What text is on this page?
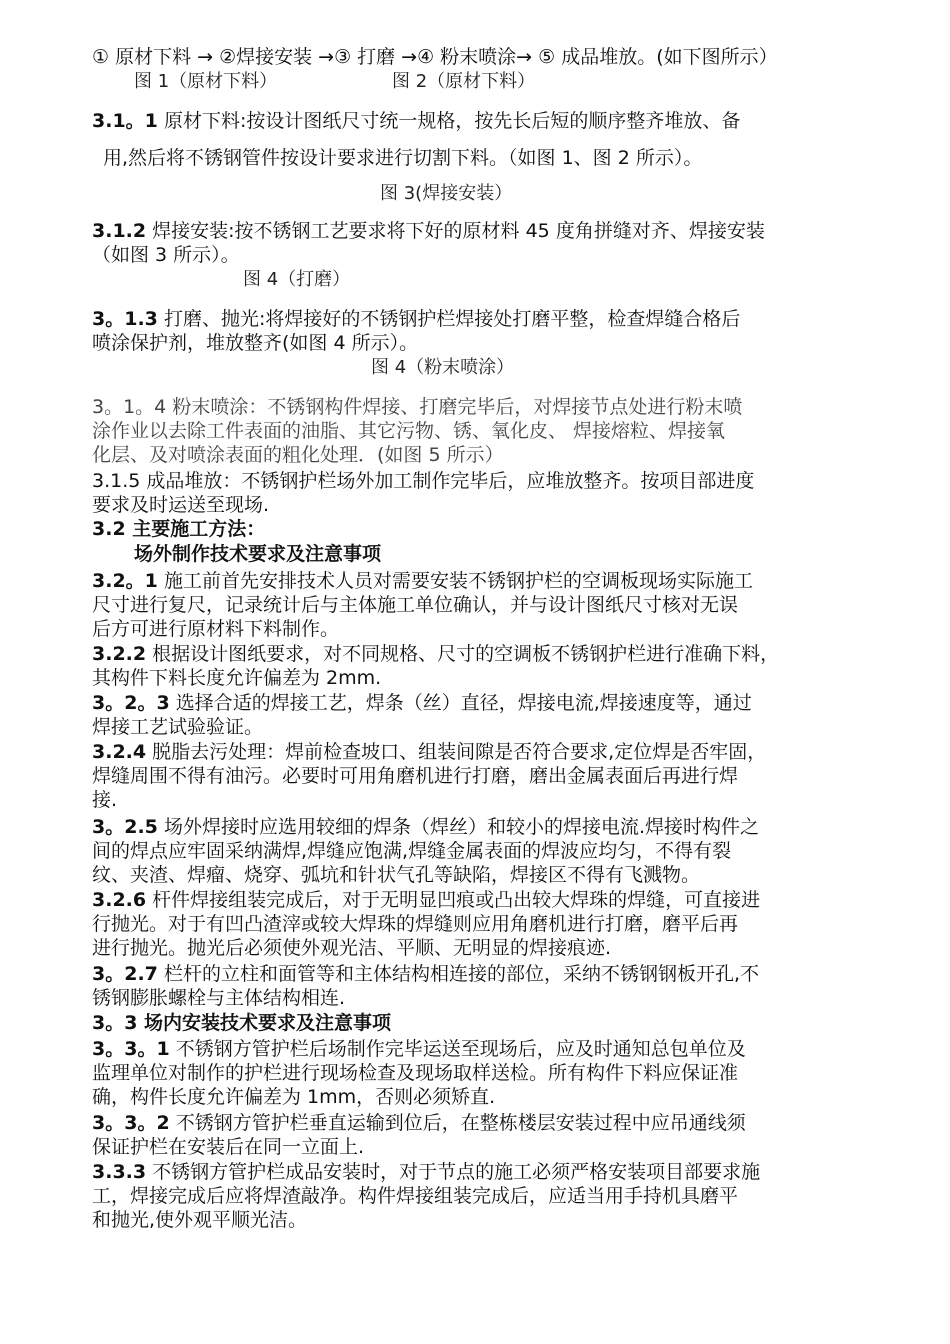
① 原材下料 → ②焊接安装 →③ 打磨 →④ 粉末喷涂→ ⑤ 成品堆放。(如下图所示）
图 1（原材下料）	图 2（原材下料）
3.1。1 原材下料:按设计图纸尺寸统一规格，按先长后短的顺序整齐堆放、备
用,然后将不锈钢管件按设计要求进行切割下料。（如图 1、图 2 所示）。
图 3(焊接安装）
3.1.2 焊接安装:按不锈钢工艺要求将下好的原材料 45 度角拼缝对齐、焊接安装
（如图 3 所示）。
图 4（打磨）
3。1.3 打磨、抛光:将焊接好的不锈钢护栏焊接处打磨平整，检查焊缝合格后
喷涂保护剂，堆放整齐(如图 4 所示）。
图 4（粉末喷涂）
3。1。4 粉末喷涂：不锈钢构件焊接、打磨完毕后，对焊接节点处进行粉末喷
涂作业以去除工件表面的油脂、其它污物、锈、氧化皮、 焊接熔粒、焊接氧
化层、及对喷涂表面的粗化处理．(如图 5 所示）
3.1.5 成品堆放：不锈钢护栏场外加工制作完毕后，应堆放整齐。按项目部进度
要求及时运送至现场.
3.2 主要施工方法：
场外制作技术要求及注意事项
3.2。1 施工前首先安排技术人员对需要安装不锈钢护栏的空调板现场实际施工
尺寸进行复尺，记录统计后与主体施工单位确认，并与设计图纸尺寸核对无误
后方可进行原材料下料制作。
3.2.2 根据设计图纸要求，对不同规格、尺寸的空调板不锈钢护栏进行准确下料，
其构件下料长度允许偏差为 2mm.
3。2。3 选择合适的焊接工艺，焊条（丝）直径，焊接电流,焊接速度等，通过
焊接工艺试验验证。
3.2.4 脱脂去污处理：焊前检查坡口、组装间隙是否符合要求,定位焊是否牢固，
焊缝周围不得有油污。必要时可用角磨机进行打磨，磨出金属表面后再进行焊
接.
3。2.5 场外焊接时应选用较细的焊条（焊丝）和较小的焊接电流.焊接时构件之
间的焊点应牢固采纳满焊,焊缝应饱满,焊缝金属表面的焊波应均匀，不得有裂
纹、夹渣、焊瘤、烧穿、弧坑和针状气孔等缺陷，焊接区不得有飞溅物。
3.2.6 杆件焊接组装完成后，对于无明显凹痕或凸出较大焊珠的焊缝，可直接进
行抛光。对于有凹凸渣滓或较大焊珠的焊缝则应用角磨机进行打磨，磨平后再
进行抛光。抛光后必须使外观光洁、平顺、无明显的焊接痕迹.
3。2.7 栏杆的立柱和面管等和主体结构相连接的部位，采纳不锈钢钢板开孔,不
锈钢膨胀螺栓与主体结构相连.
3。3 场内安装技术要求及注意事项
3。3。1 不锈钢方管护栏后场制作完毕运送至现场后，应及时通知总包单位及
监理单位对制作的护栏进行现场检查及现场取样送检。所有构件下料应保证准
确，构件长度允许偏差为 1mm，否则必须矫直.
3。3。2 不锈钢方管护栏垂直运输到位后，在整栋楼层安装过程中应吊通线须
保证护栏在安装后在同一立面上.
3.3.3 不锈钢方管护栏成品安装时，对于节点的施工必须严格安装项目部要求施
工，焊接完成后应将焊渣敲净。构件焊接组装完成后，应适当用手持机具磨平
和抛光,使外观平顺光洁。
